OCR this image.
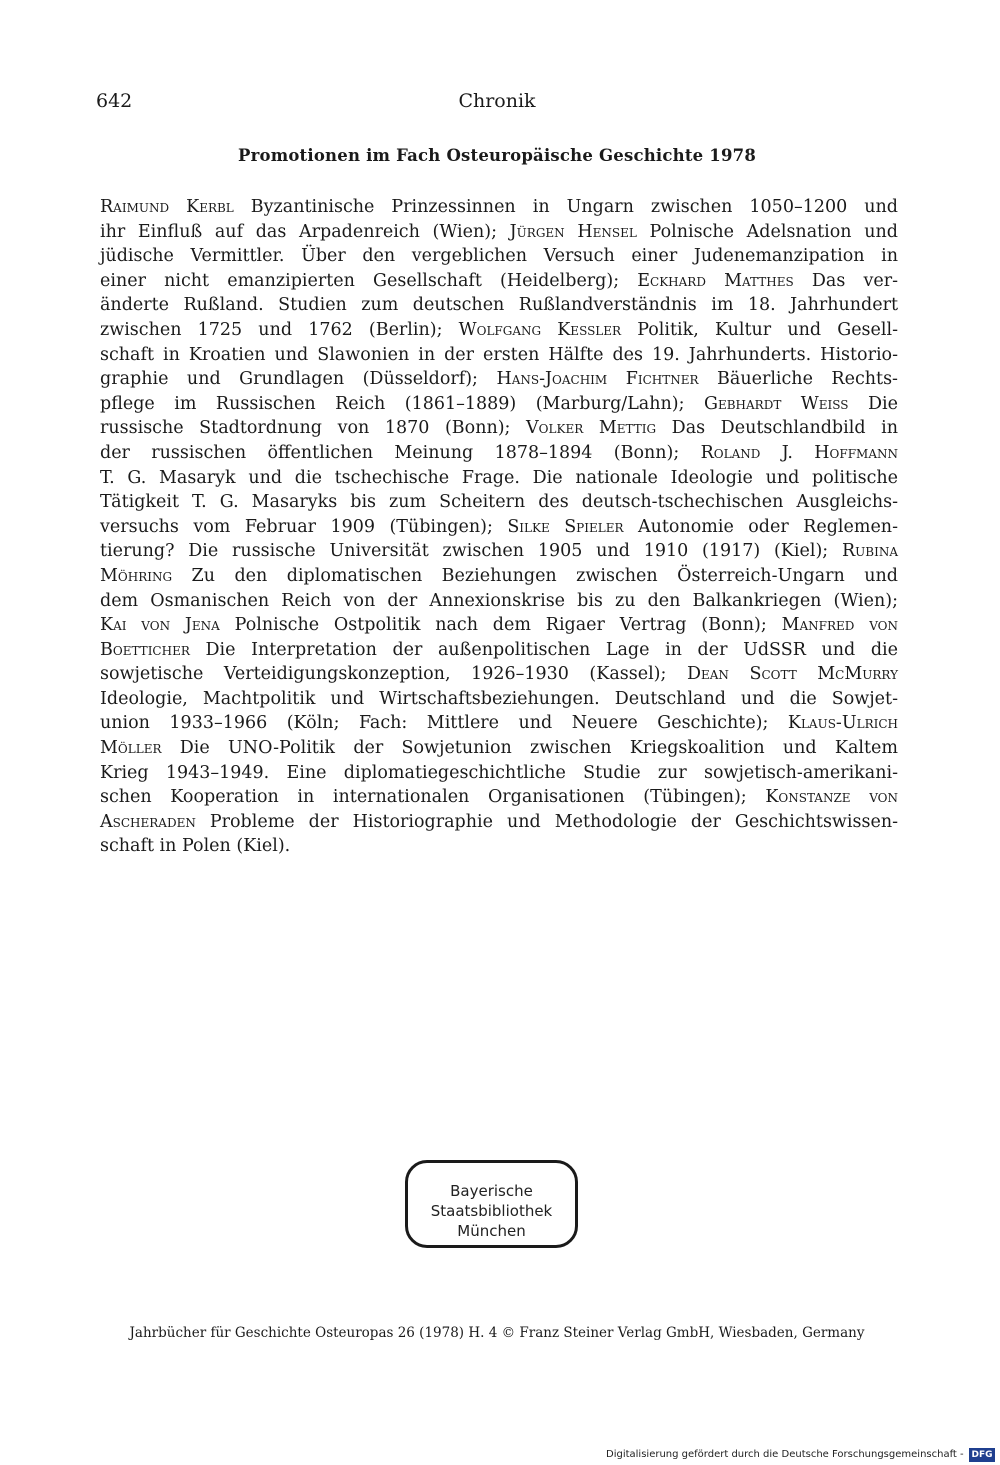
642	Chronik
Promotionen im Fach Osteuropäische Geschichte 1978
Raimund Kerbl Byzantinische Prinzessinnen in Ungarn zwischen 1050–1200 und
ihr Einfluß auf das Arpadenreich (Wien); Jürgen Hensel Polnische Adelsnation und
jüdische Vermittler. Über den vergeblichen Versuch einer Judenemanzipation in
einer nicht emanzipierten Gesellschaft (Heidelberg); Eckhard Matthes Das ver-
änderte Rußland. Studien zum deutschen Rußlandverständnis im 18. Jahrhundert
zwischen 1725 und 1762 (Berlin); Wolfgang Kessler Politik, Kultur und Gesell-
schaft in Kroatien und Slawonien in der ersten Hälfte des 19. Jahrhunderts. Historio-
graphie und Grundlagen (Düsseldorf); Hans-Joachim Fichtner Bäuerliche Rechts-
pflege im Russischen Reich (1861–1889) (Marburg/Lahn); Gebhardt Weiss Die
russische Stadtordnung von 1870 (Bonn); Volker Mettig Das Deutschlandbild in
der russischen öffentlichen Meinung 1878–1894 (Bonn); Roland J. Hoffmann
T. G. Masaryk und die tschechische Frage. Die nationale Ideologie und politische
Tätigkeit T. G. Masaryks bis zum Scheitern des deutsch-tschechischen Ausgleichs-
versuchs vom Februar 1909 (Tübingen); Silke Spieler Autonomie oder Reglemen-
tierung? Die russische Universität zwischen 1905 und 1910 (1917) (Kiel); Rubina
Möhring Zu den diplomatischen Beziehungen zwischen Österreich-Ungarn und
dem Osmanischen Reich von der Annexionskrise bis zu den Balkankriegen (Wien);
Kai von Jena Polnische Ostpolitik nach dem Rigaer Vertrag (Bonn); Manfred von
Boetticher Die Interpretation der außenpolitischen Lage in der UdSSR und die
sowjetische Verteidigungskonzeption, 1926–1930 (Kassel); Dean Scott McMurry
Ideologie, Machtpolitik und Wirtschaftsbeziehungen. Deutschland und die Sowjet-
union 1933–1966 (Köln; Fach: Mittlere und Neuere Geschichte); Klaus-Ulrich
Möller Die UNO-Politik der Sowjetunion zwischen Kriegskoalition und Kaltem
Krieg 1943–1949. Eine diplomatiegeschichtliche Studie zur sowjetisch-amerikani-
schen Kooperation in internationalen Organisationen (Tübingen); Konstanze von
Ascheraden Probleme der Historiographie und Methodologie der Geschichtswissen-
schaft in Polen (Kiel).
Bayerische
Staatsbibliothek
München
Jahrbücher für Geschichte Osteuropas 26 (1978) H. 4 © Franz Steiner Verlag GmbH, Wiesbaden, Germany
Digitalisierung gefördert durch die Deutsche Forschungsgemeinschaft - DFG
